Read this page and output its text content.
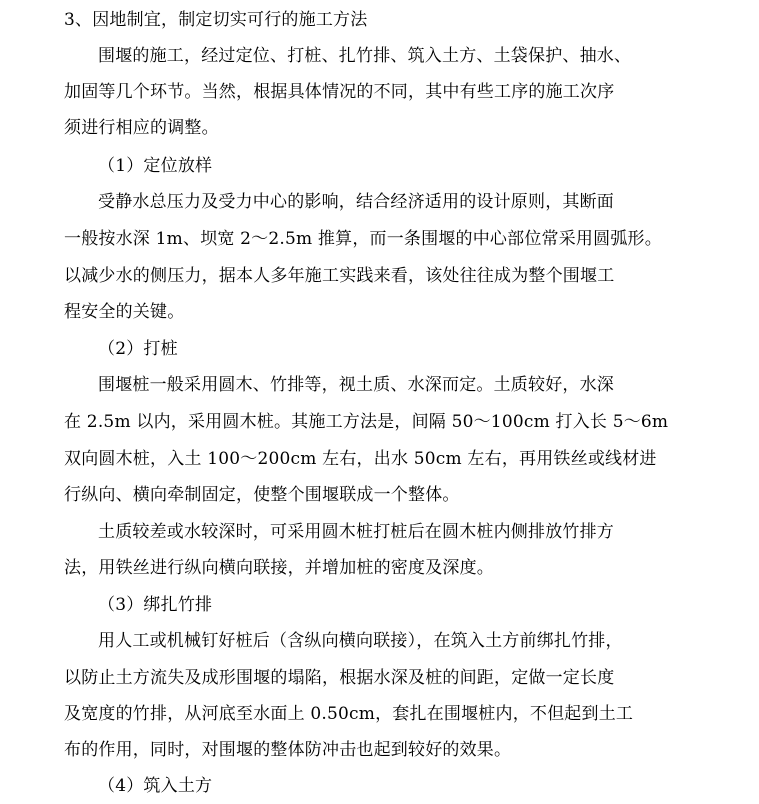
3、因地制宜，制定切实可行的施工方法
围堰的施工，经过定位、打桩、扎竹排、筑入土方、土袋保护、抽水、
加固等几个环节。当然，根据具体情况的不同，其中有些工序的施工次序
须进行相应的调整。
（1）定位放样
受静水总压力及受力中心的影响，结合经济适用的设计原则，其断面
一般按水深 1m、坝宽 2～2.5m 推算，而一条围堰的中心部位常采用圆弧形。
以减少水的侧压力，据本人多年施工实践来看，该处往往成为整个围堰工
程安全的关键。
（2）打桩
围堰桩一般采用圆木、竹排等，视土质、水深而定。土质较好，水深
在 2.5m 以内，采用圆木桩。其施工方法是，间隔 50～100cm 打入长 5～6m
双向圆木桩，入土 100～200cm 左右，出水 50cm 左右，再用铁丝或线材进
行纵向、横向牵制固定，使整个围堰联成一个整体。
土质较差或水较深时，可采用圆木桩打桩后在圆木桩内侧排放竹排方
法，用铁丝进行纵向横向联接，并增加桩的密度及深度。
（3）绑扎竹排
用人工或机械钉好桩后（含纵向横向联接），在筑入土方前绑扎竹排，
以防止土方流失及成形围堰的塌陷，根据水深及桩的间距，定做一定长度
及宽度的竹排，从河底至水面上 0.50cm，套扎在围堰桩内，不但起到土工
布的作用，同时，对围堰的整体防冲击也起到较好的效果。
（4）筑入土方
